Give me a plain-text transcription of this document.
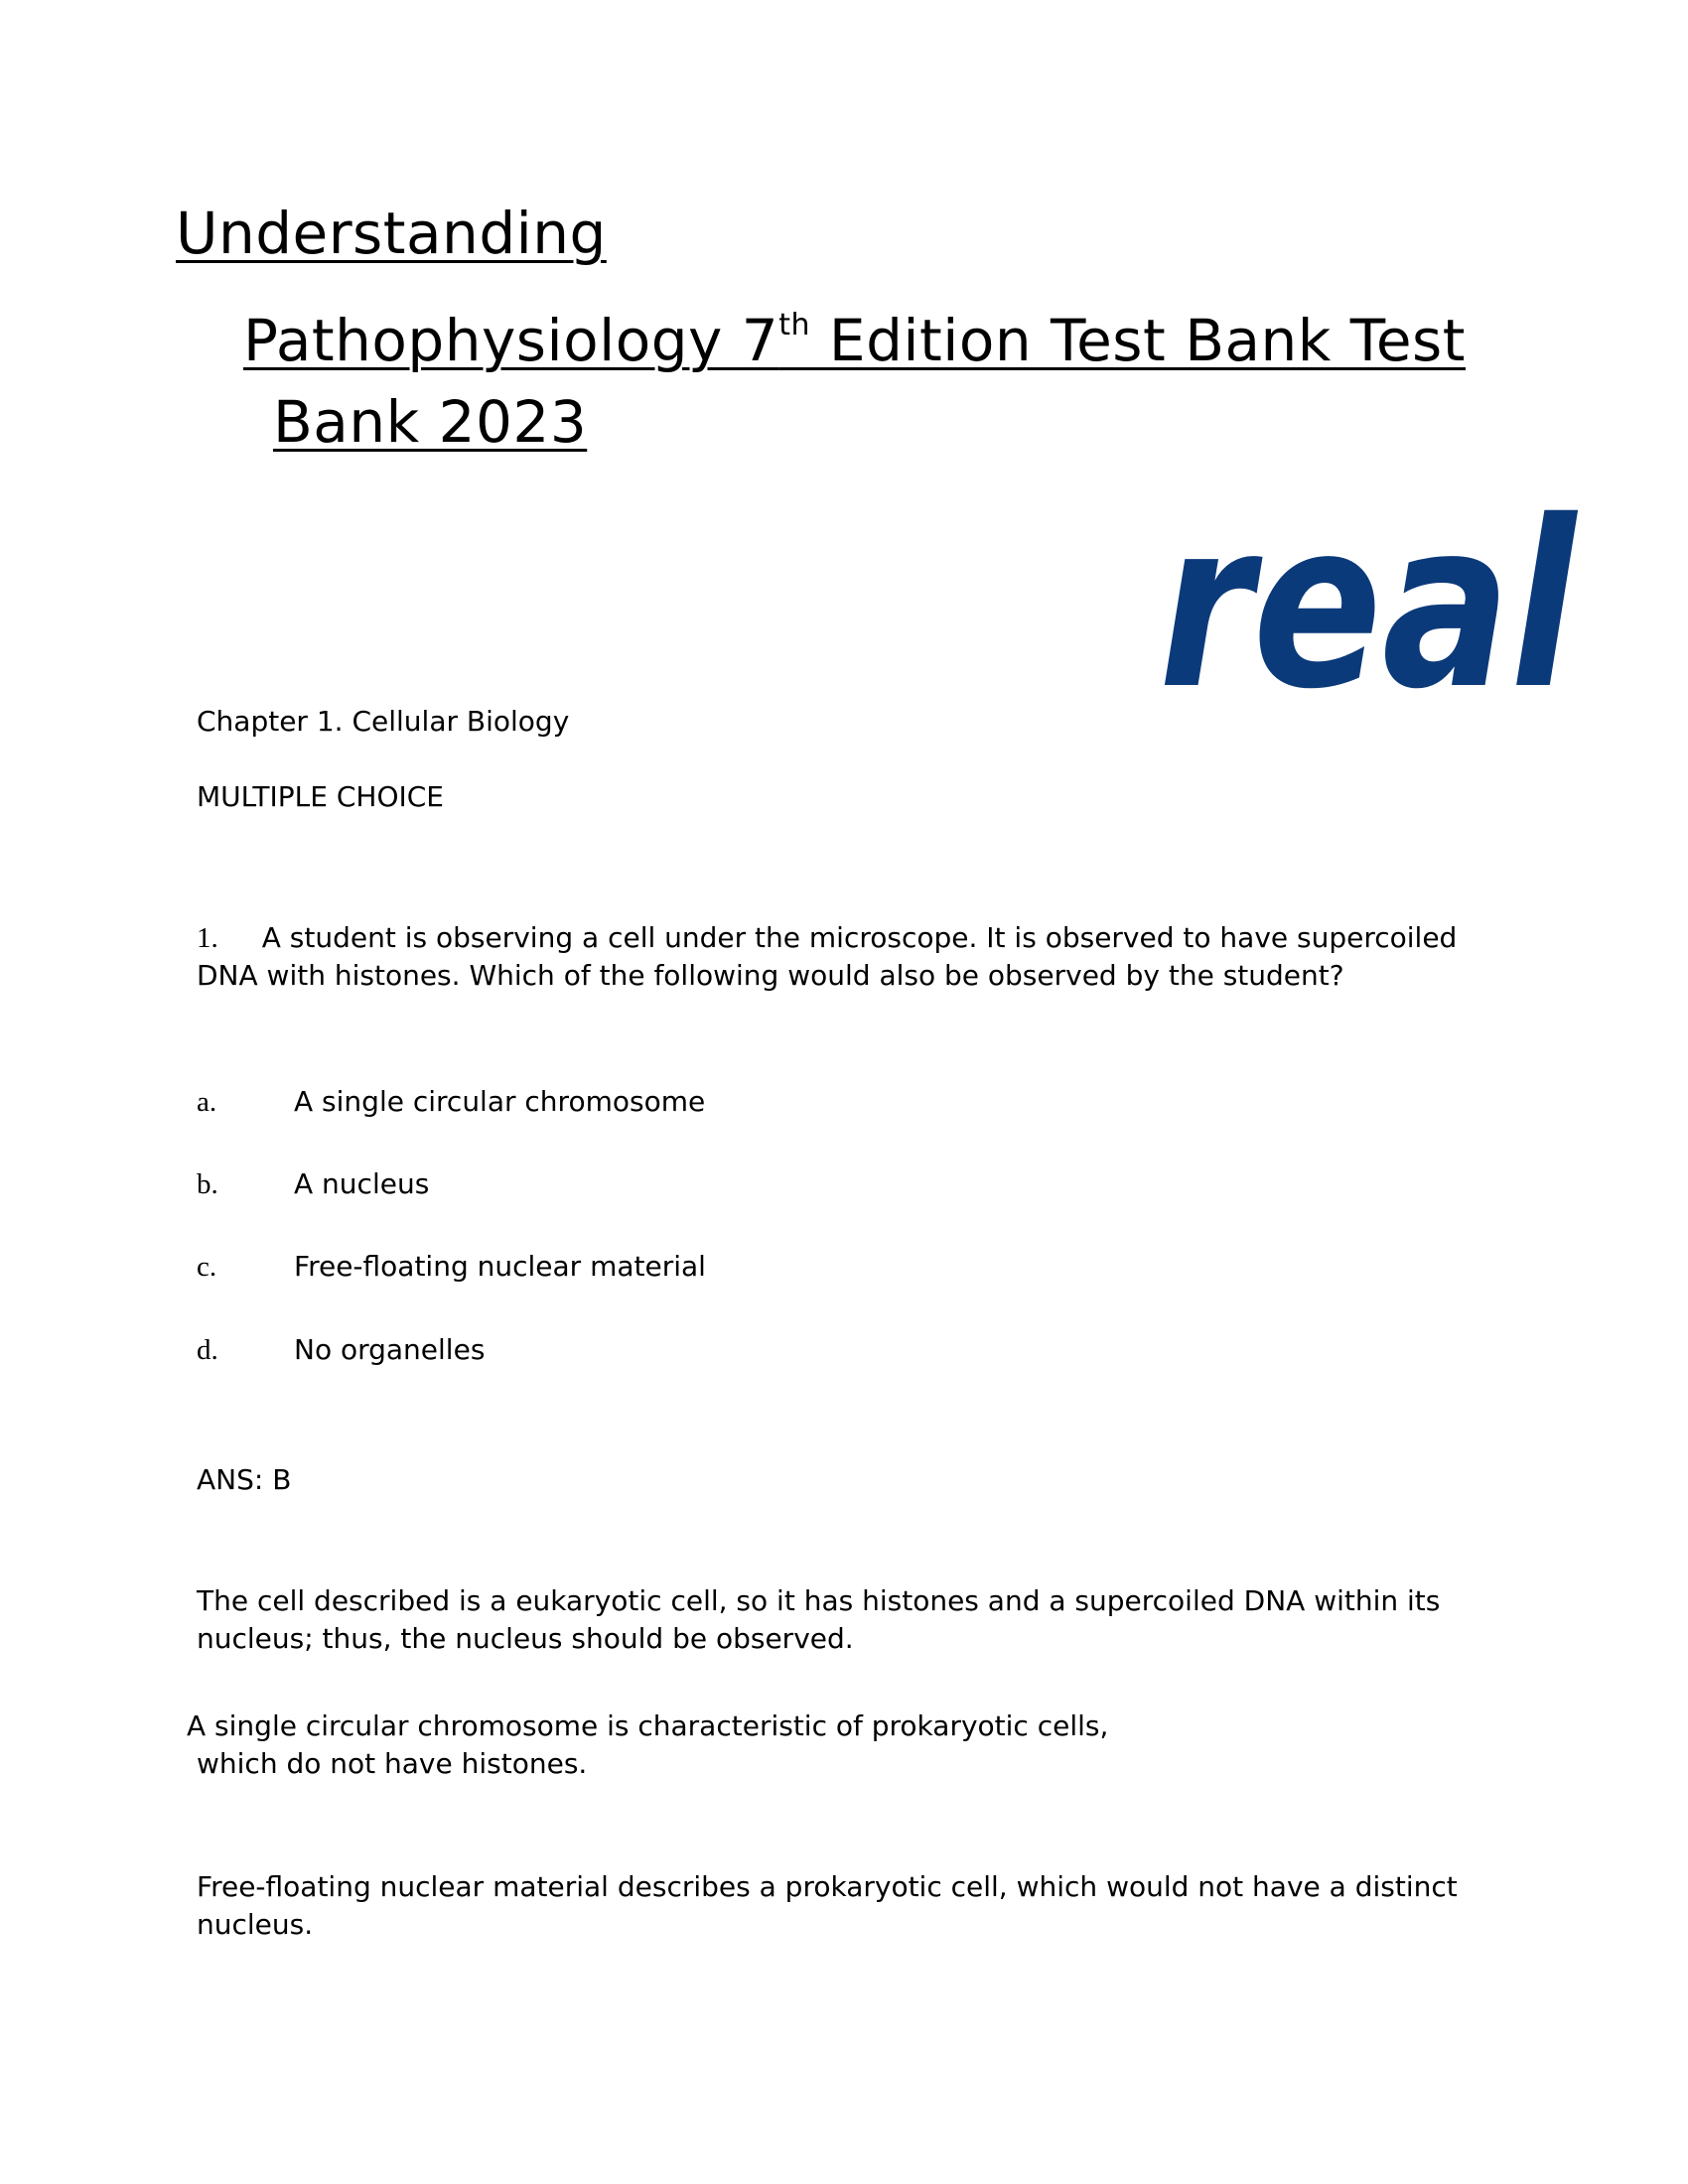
Understanding
Pathophysiology 7th Edition Test Bank Test
Bank 2023
real
Chapter 1. Cellular Biology
MULTIPLE CHOICE
1. A student is observing a cell under the microscope. It is observed to have supercoiled
DNA with histones. Which of the following would also be observed by the student?
a.	A single circular chromosome
b.	A nucleus
c.	Free-floating nuclear material
d.	No organelles
ANS: B
The cell described is a eukaryotic cell, so it has histones and a supercoiled DNA within its
nucleus; thus, the nucleus should be observed.
A single circular chromosome is characteristic of prokaryotic cells,
which do not have histones.
Free-floating nuclear material describes a prokaryotic cell, which would not have a distinct
nucleus.
